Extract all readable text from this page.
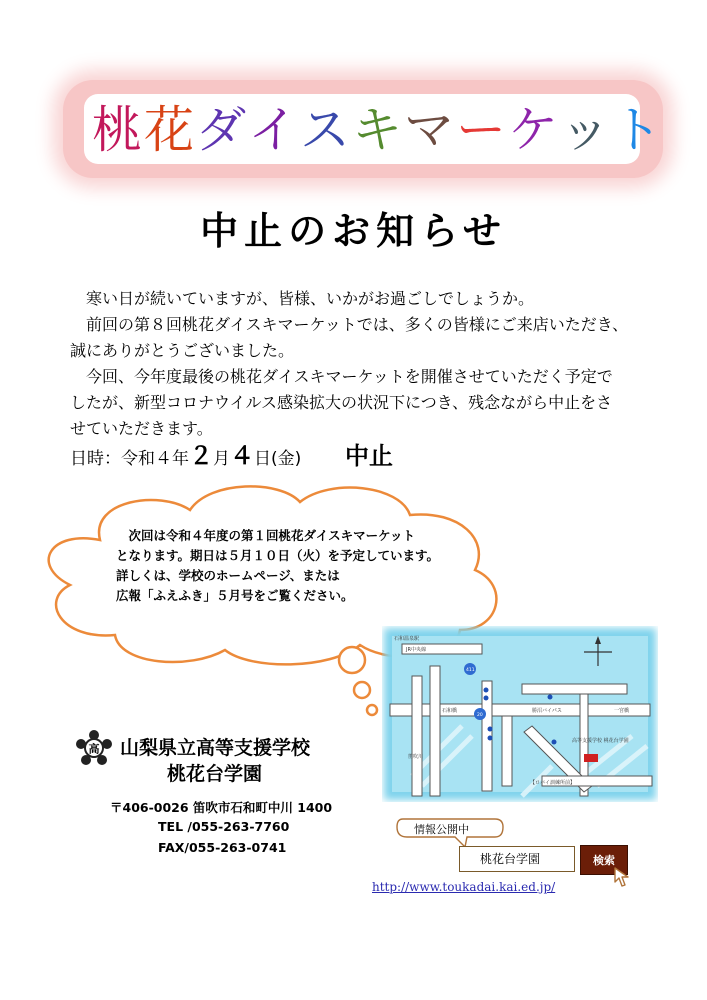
桃花ダイスキマーケット
中止のお知らせ
　寒い日が続いていますが、皆様、いかがお過ごしでしょうか。
　前回の第８回桃花ダイスキマーケットでは、多くの皆様にご来店いただき、
誠にありがとうございました。
　今回、今年度最後の桃花ダイスキマーケットを開催させていただく予定で
したが、新型コロナウイルス感染拡大の状況下につき、残念ながら中止をさ
せていただきます。
日時：令和４年２月４日(金) 中止
　次回は令和４年度の第１回桃花ダイスキマーケット
となります。期日は５月１０日（火）を予定しています。
詳しくは、学校のホームページ、または
広報「ふえふき」５月号をご覧ください。
高 山梨県立高等支援学校
桃花台学園
〒406-0026 笛吹市石和町中川 1400
TEL /055-263-7760
FAX/055-263-0741
JR中央線
石和温泉駅
411
20
勝沼バイパス
高等支援学校 桃花台学園
【ロバイ訓練所前】
石和橋	一宮橋
笛吹川
情報公開中
桃花台学園	検索
http://www.toukadai.kai.ed.jp/
